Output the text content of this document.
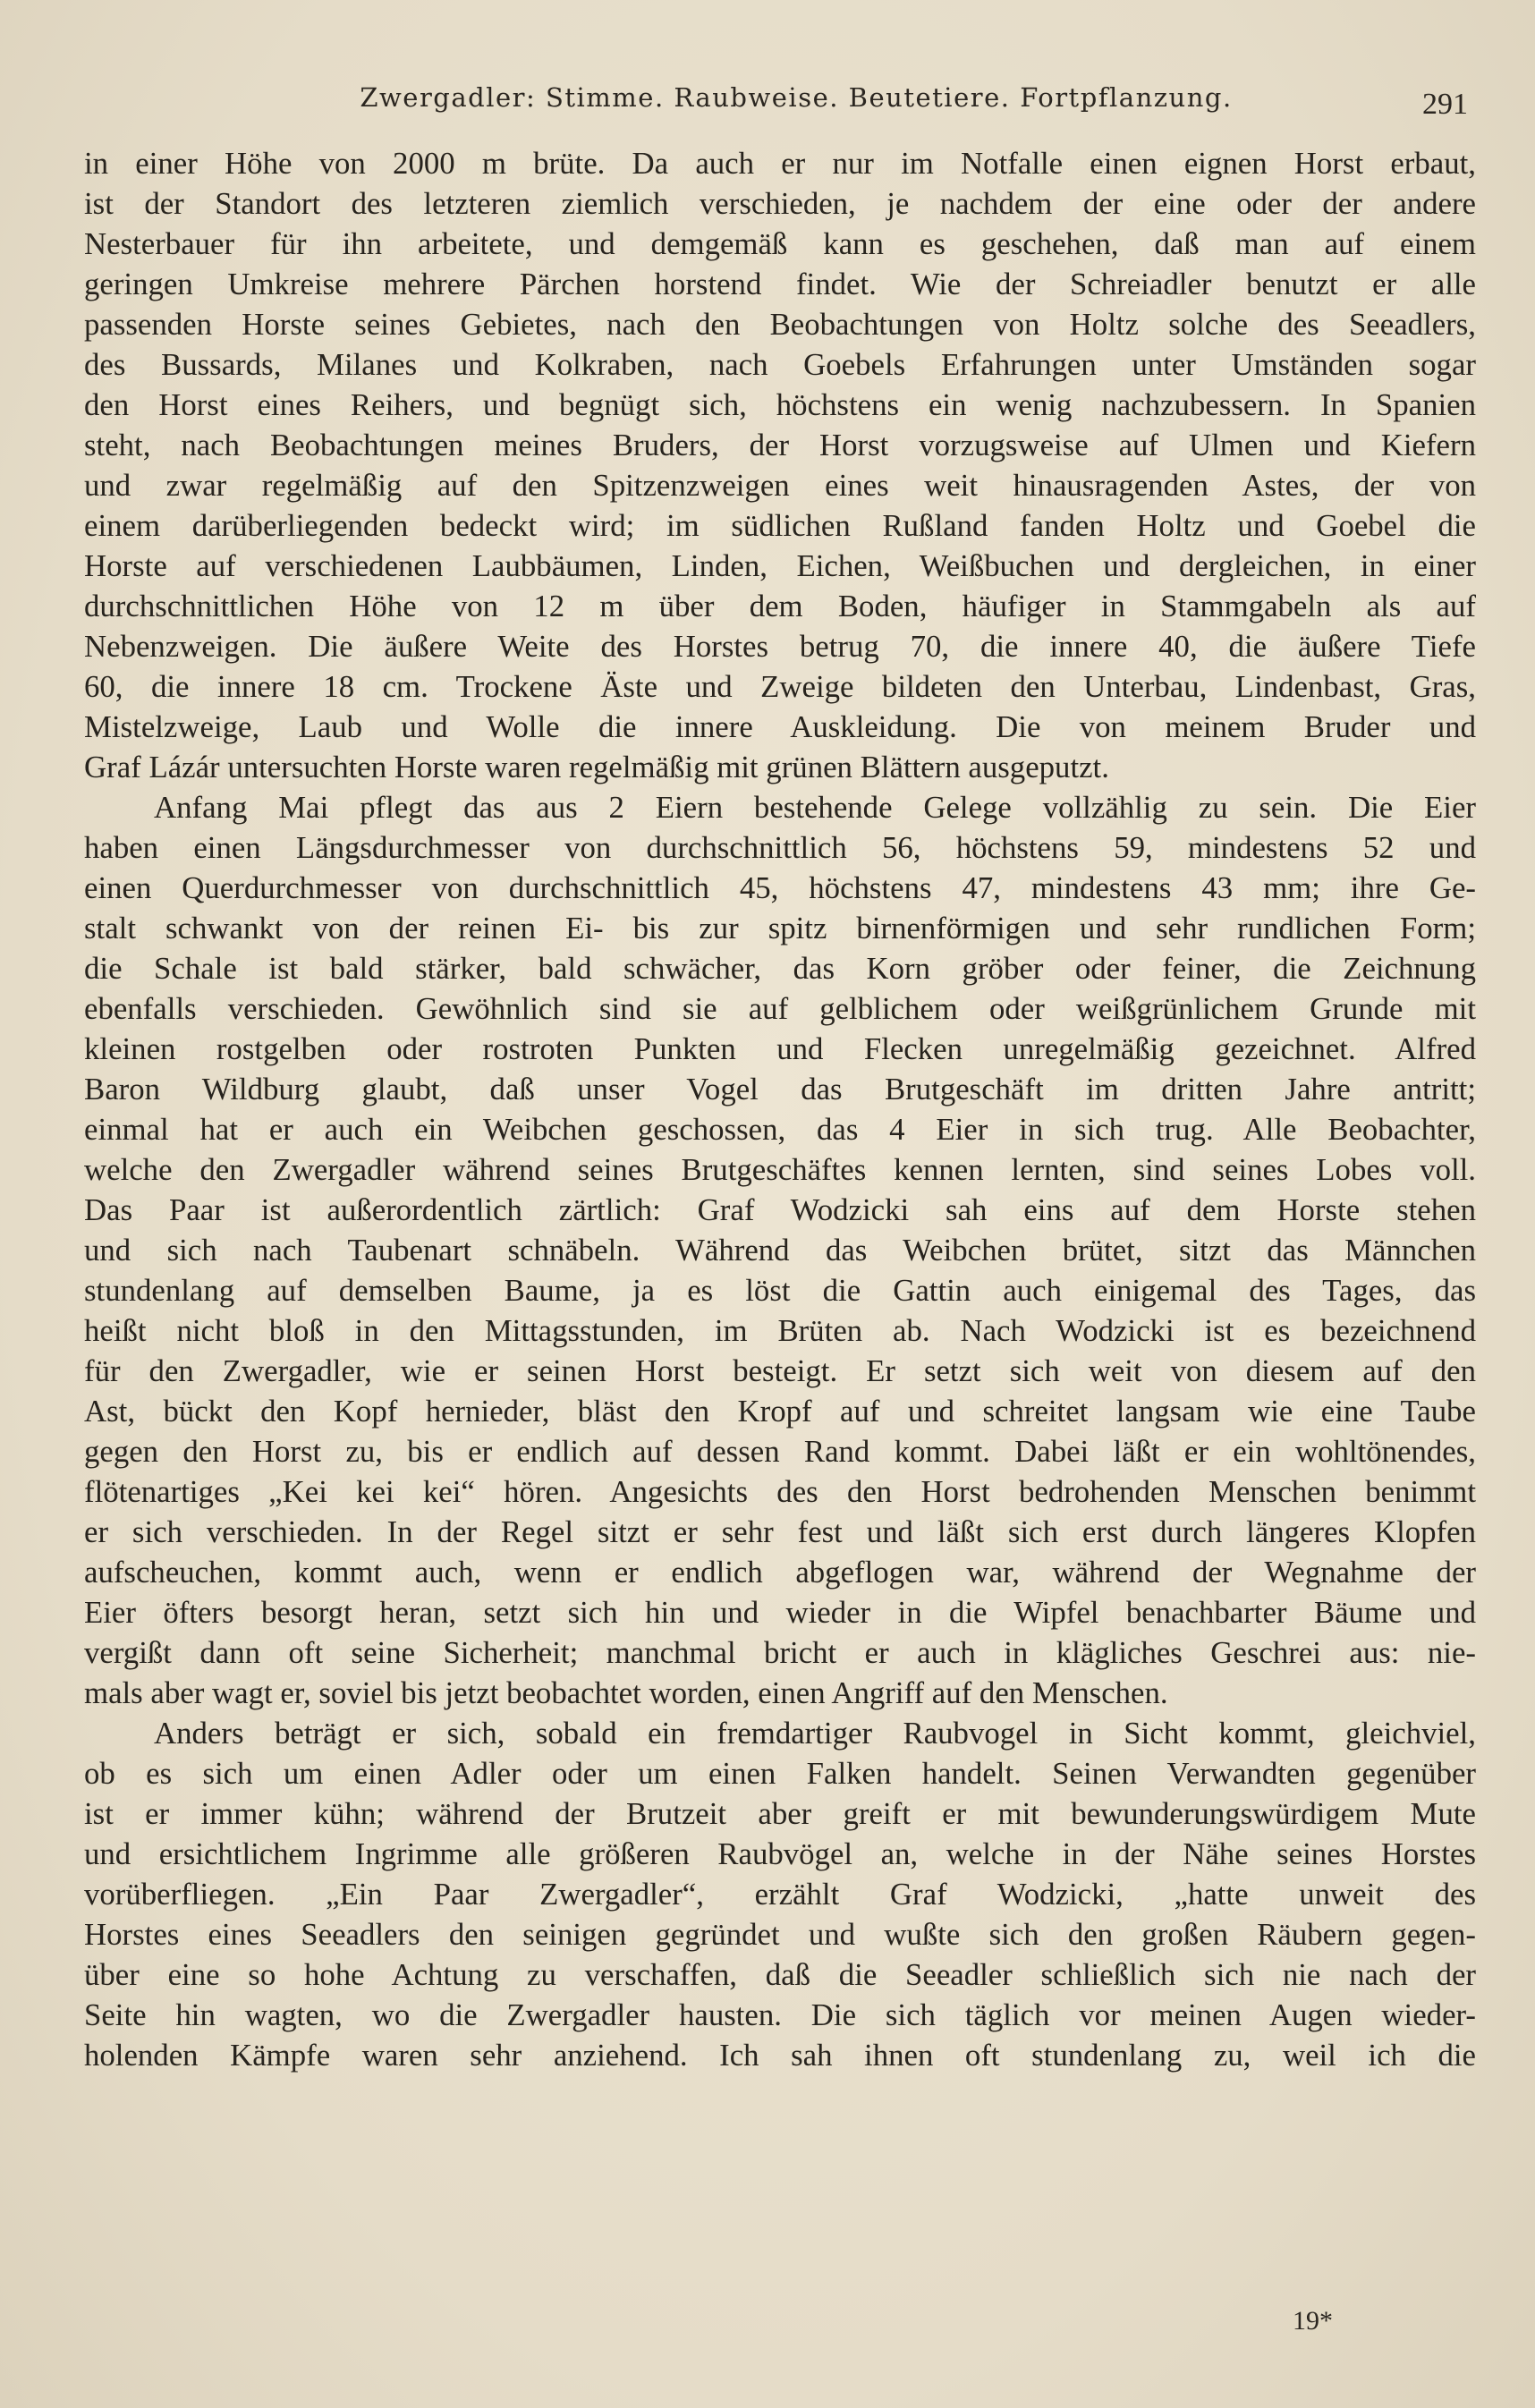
Zwergadler: Stimme. Raubweise. Beutetiere. Fortpflanzung.	291
in einer Höhe von 2000 m brüte. Da auch er nur im Notfalle einen eignen Horst erbaut,
ist der Standort des letzteren ziemlich verschieden, je nachdem der eine oder der andere
Nesterbauer für ihn arbeitete, und demgemäß kann es geschehen, daß man auf einem
geringen Umkreise mehrere Pärchen horstend findet. Wie der Schreiadler benutzt er alle
passenden Horste seines Gebietes, nach den Beobachtungen von Holtz solche des Seeadlers,
des Bussards, Milanes und Kolkraben, nach Goebels Erfahrungen unter Umständen sogar
den Horst eines Reihers, und begnügt sich, höchstens ein wenig nachzubessern. In Spanien
steht, nach Beobachtungen meines Bruders, der Horst vorzugsweise auf Ulmen und Kiefern
und zwar regelmäßig auf den Spitzenzweigen eines weit hinausragenden Astes, der von
einem darüberliegenden bedeckt wird; im südlichen Rußland fanden Holtz und Goebel die
Horste auf verschiedenen Laubbäumen, Linden, Eichen, Weißbuchen und dergleichen, in einer
durchschnittlichen Höhe von 12 m über dem Boden, häufiger in Stammgabeln als auf
Nebenzweigen. Die äußere Weite des Horstes betrug 70, die innere 40, die äußere Tiefe
60, die innere 18 cm. Trockene Äste und Zweige bildeten den Unterbau, Lindenbast, Gras,
Mistelzweige, Laub und Wolle die innere Auskleidung. Die von meinem Bruder und
Graf Lázár untersuchten Horste waren regelmäßig mit grünen Blättern ausgeputzt.
Anfang Mai pflegt das aus 2 Eiern bestehende Gelege vollzählig zu sein. Die Eier
haben einen Längsdurchmesser von durchschnittlich 56, höchstens 59, mindestens 52 und
einen Querdurchmesser von durchschnittlich 45, höchstens 47, mindestens 43 mm; ihre Ge-
stalt schwankt von der reinen Ei- bis zur spitz birnenförmigen und sehr rundlichen Form;
die Schale ist bald stärker, bald schwächer, das Korn gröber oder feiner, die Zeichnung
ebenfalls verschieden. Gewöhnlich sind sie auf gelblichem oder weißgrünlichem Grunde mit
kleinen rostgelben oder rostroten Punkten und Flecken unregelmäßig gezeichnet. Alfred
Baron Wildburg glaubt, daß unser Vogel das Brutgeschäft im dritten Jahre antritt;
einmal hat er auch ein Weibchen geschossen, das 4 Eier in sich trug. Alle Beobachter,
welche den Zwergadler während seines Brutgeschäftes kennen lernten, sind seines Lobes voll.
Das Paar ist außerordentlich zärtlich: Graf Wodzicki sah eins auf dem Horste stehen
und sich nach Taubenart schnäbeln. Während das Weibchen brütet, sitzt das Männchen
stundenlang auf demselben Baume, ja es löst die Gattin auch einigemal des Tages, das
heißt nicht bloß in den Mittagsstunden, im Brüten ab. Nach Wodzicki ist es bezeichnend
für den Zwergadler, wie er seinen Horst besteigt. Er setzt sich weit von diesem auf den
Ast, bückt den Kopf hernieder, bläst den Kropf auf und schreitet langsam wie eine Taube
gegen den Horst zu, bis er endlich auf dessen Rand kommt. Dabei läßt er ein wohltönendes,
flötenartiges „Kei kei kei“ hören. Angesichts des den Horst bedrohenden Menschen benimmt
er sich verschieden. In der Regel sitzt er sehr fest und läßt sich erst durch längeres Klopfen
aufscheuchen, kommt auch, wenn er endlich abgeflogen war, während der Wegnahme der
Eier öfters besorgt heran, setzt sich hin und wieder in die Wipfel benachbarter Bäume und
vergißt dann oft seine Sicherheit; manchmal bricht er auch in klägliches Geschrei aus: nie-
mals aber wagt er, soviel bis jetzt beobachtet worden, einen Angriff auf den Menschen.
Anders beträgt er sich, sobald ein fremdartiger Raubvogel in Sicht kommt, gleichviel,
ob es sich um einen Adler oder um einen Falken handelt. Seinen Verwandten gegenüber
ist er immer kühn; während der Brutzeit aber greift er mit bewunderungswürdigem Mute
und ersichtlichem Ingrimme alle größeren Raubvögel an, welche in der Nähe seines Horstes
vorüberfliegen. „Ein Paar Zwergadler“, erzählt Graf Wodzicki, „hatte unweit des
Horstes eines Seeadlers den seinigen gegründet und wußte sich den großen Räubern gegen-
über eine so hohe Achtung zu verschaffen, daß die Seeadler schließlich sich nie nach der
Seite hin wagten, wo die Zwergadler hausten. Die sich täglich vor meinen Augen wieder-
holenden Kämpfe waren sehr anziehend. Ich sah ihnen oft stundenlang zu, weil ich die
19*
